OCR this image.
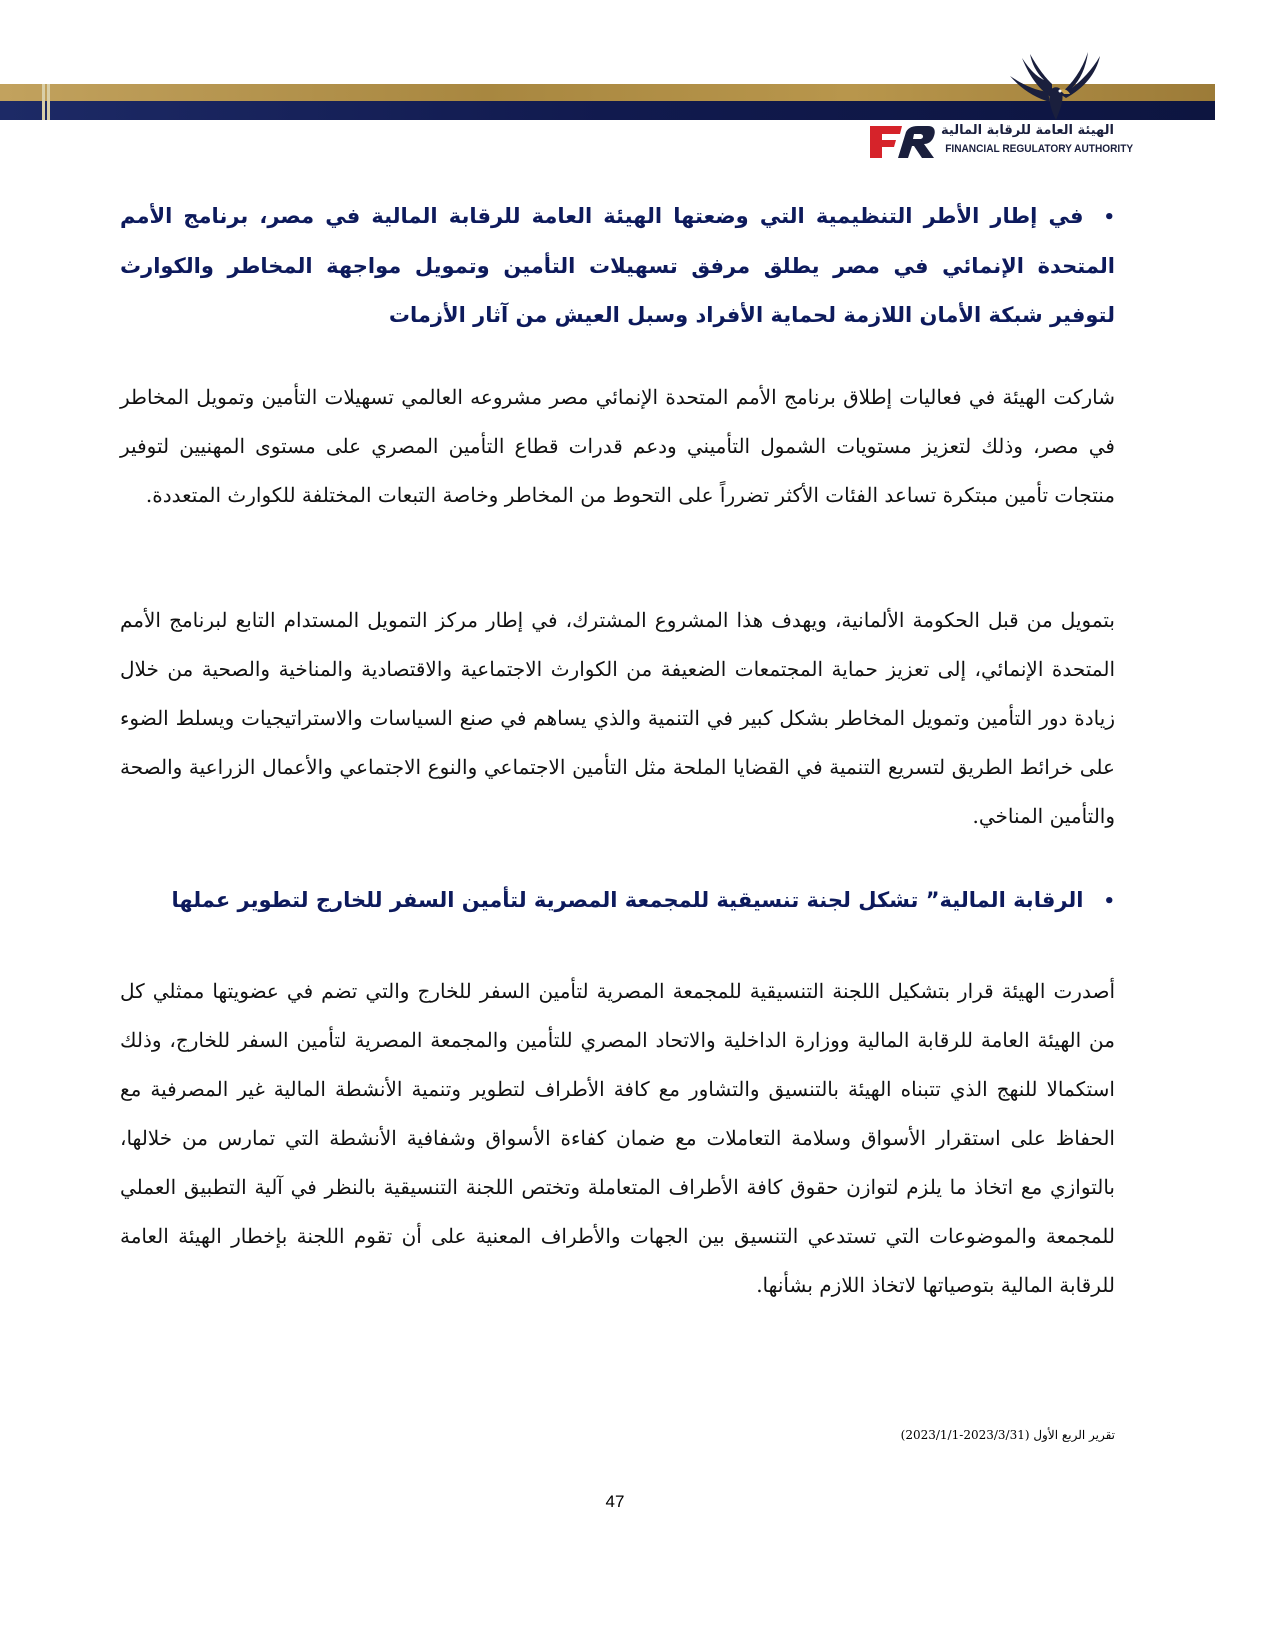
الهيئة العامة للرقابة المالية
FINANCIAL REGULATORY AUTHORITY
•في إطار الأطر التنظيمية التي وضعتها الهيئة العامة للرقابة المالية في مصر، برنامج الأمم المتحدة الإنمائي في مصر يطلق مرفق تسهيلات التأمين وتمويل مواجهة المخاطر والكوارث لتوفير شبكة الأمان اللازمة لحماية الأفراد وسبل العيش من آثار الأزمات
شاركت الهيئة في فعاليات إطلاق برنامج الأمم المتحدة الإنمائي مصر مشروعه العالمي تسهيلات التأمين وتمويل المخاطر في مصر، وذلك لتعزيز مستويات الشمول التأميني ودعم قدرات قطاع التأمين المصري على مستوى المهنيين لتوفير منتجات تأمين مبتكرة تساعد الفئات الأكثر تضرراً على التحوط من المخاطر وخاصة التبعات المختلفة للكوارث المتعددة.
بتمويل من قبل الحكومة الألمانية، ويهدف هذا المشروع المشترك، في إطار مركز التمويل المستدام التابع لبرنامج الأمم المتحدة الإنمائي، إلى تعزيز حماية المجتمعات الضعيفة من الكوارث الاجتماعية والاقتصادية والمناخية والصحية من خلال زيادة دور التأمين وتمويل المخاطر بشكل كبير في التنمية والذي يساهم في صنع السياسات والاستراتيجيات ويسلط الضوء على خرائط الطريق لتسريع التنمية في القضايا الملحة مثل التأمين الاجتماعي والنوع الاجتماعي والأعمال الزراعية والصحة والتأمين المناخي.
•الرقابة المالية” تشكل لجنة تنسيقية للمجمعة المصرية لتأمين السفر للخارج لتطوير عملها
أصدرت الهيئة قرار بتشكيل اللجنة التنسيقية للمجمعة المصرية لتأمين السفر للخارج والتي تضم في عضويتها ممثلي كل من الهيئة العامة للرقابة المالية ووزارة الداخلية والاتحاد المصري للتأمين والمجمعة المصرية لتأمين السفر للخارج، وذلك استكمالا للنهج الذي تتبناه الهيئة بالتنسيق والتشاور مع كافة الأطراف لتطوير وتنمية الأنشطة المالية غير المصرفية مع الحفاظ على استقرار الأسواق وسلامة التعاملات مع ضمان كفاءة الأسواق وشفافية الأنشطة التي تمارس من خلالها، بالتوازي مع اتخاذ ما يلزم لتوازن حقوق كافة الأطراف المتعاملة وتختص اللجنة التنسيقية بالنظر في آلية التطبيق العملي للمجمعة والموضوعات التي تستدعي التنسيق بين الجهات والأطراف المعنية على أن تقوم اللجنة بإخطار الهيئة العامة للرقابة المالية بتوصياتها لاتخاذ اللازم بشأنها.
تقرير الربع الأول (2023/3/31-2023/1/1)
47
